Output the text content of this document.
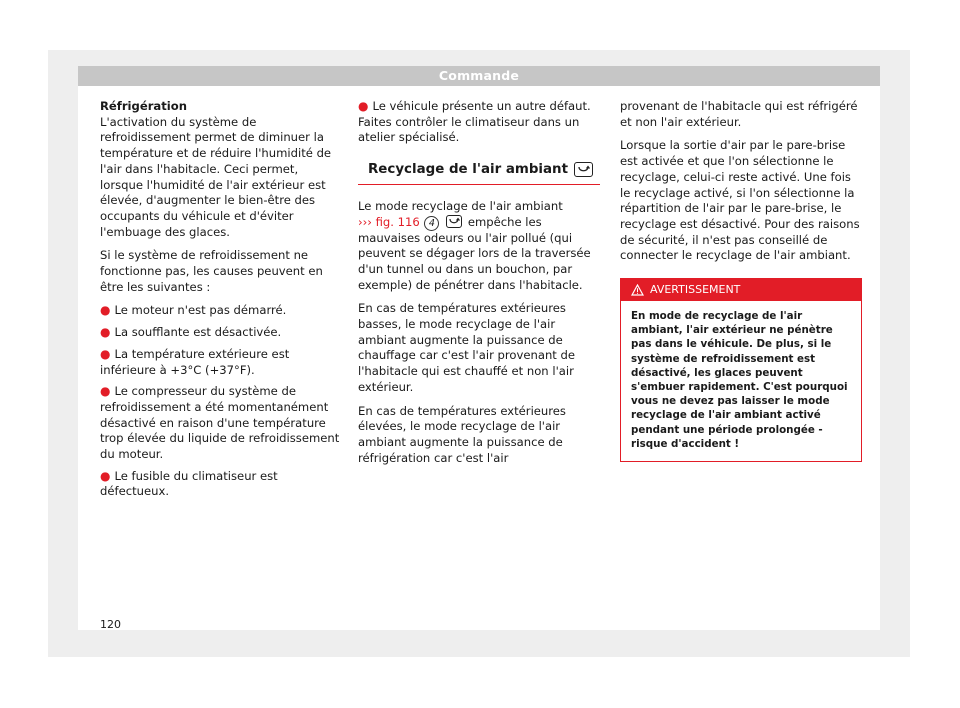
Commande

Réfrigération

L'activation du système de refroidissement permet de diminuer la température et de réduire l'humidité de l'air dans l'habitacle. Ceci permet, lorsque l'humidité de l'air extérieur est élevée, d'augmenter le bien-être des occupants du véhicule et d'éviter l'embuage des glaces.

Si le système de refroidissement ne fonctionne pas, les causes peuvent en être les suivantes :

● Le moteur n'est pas démarré.
● La soufflante est désactivée.
● La température extérieure est inférieure à +3°C (+37°F).
● Le compresseur du système de refroidissement a été momentanément désactivé en raison d'une température trop élevée du liquide de refroidissement du moteur.
● Le fusible du climatiseur est défectueux.
● Le véhicule présente un autre défaut. Faites contrôler le climatiseur dans un atelier spécialisé.
Recyclage de l'air ambiant

Le mode recyclage de l'air ambiant
››› fig. 116 4	empêche les mauvaises odeurs ou l'air pollué (qui peuvent se dégager lors de la traversée d'un tunnel ou dans un bouchon, par exemple) de pénétrer dans l'habitacle.

En cas de températures extérieures basses, le mode recyclage de l'air ambiant augmente la puissance de chauffage car c'est l'air provenant de l'habitacle qui est chauffé et non l'air extérieur.

En cas de températures extérieures élevées, le mode recyclage de l'air ambiant augmente la puissance de réfrigération car c'est l'air

provenant de l'habitacle qui est réfrigéré et non l'air extérieur.

Lorsque la sortie d'air par le pare-brise est activée et que l'on sélectionne le recyclage, celui-ci reste activé. Une fois le recyclage activé, si l'on sélectionne la répartition de l'air par le pare-brise, le recyclage est désactivé. Pour des raisons de sécurité, il n'est pas conseillé de connecter le recyclage de l'air ambiant.

AVERTISSEMENT
En mode de recyclage de l'air ambiant, l'air extérieur ne pénètre pas dans le véhicule. De plus, si le système de refroidissement est désactivé, les glaces peuvent s'embuer rapidement. C'est pourquoi vous ne devez pas laisser le mode recyclage de l'air ambiant activé pendant une période prolongée - risque d'accident !
120
